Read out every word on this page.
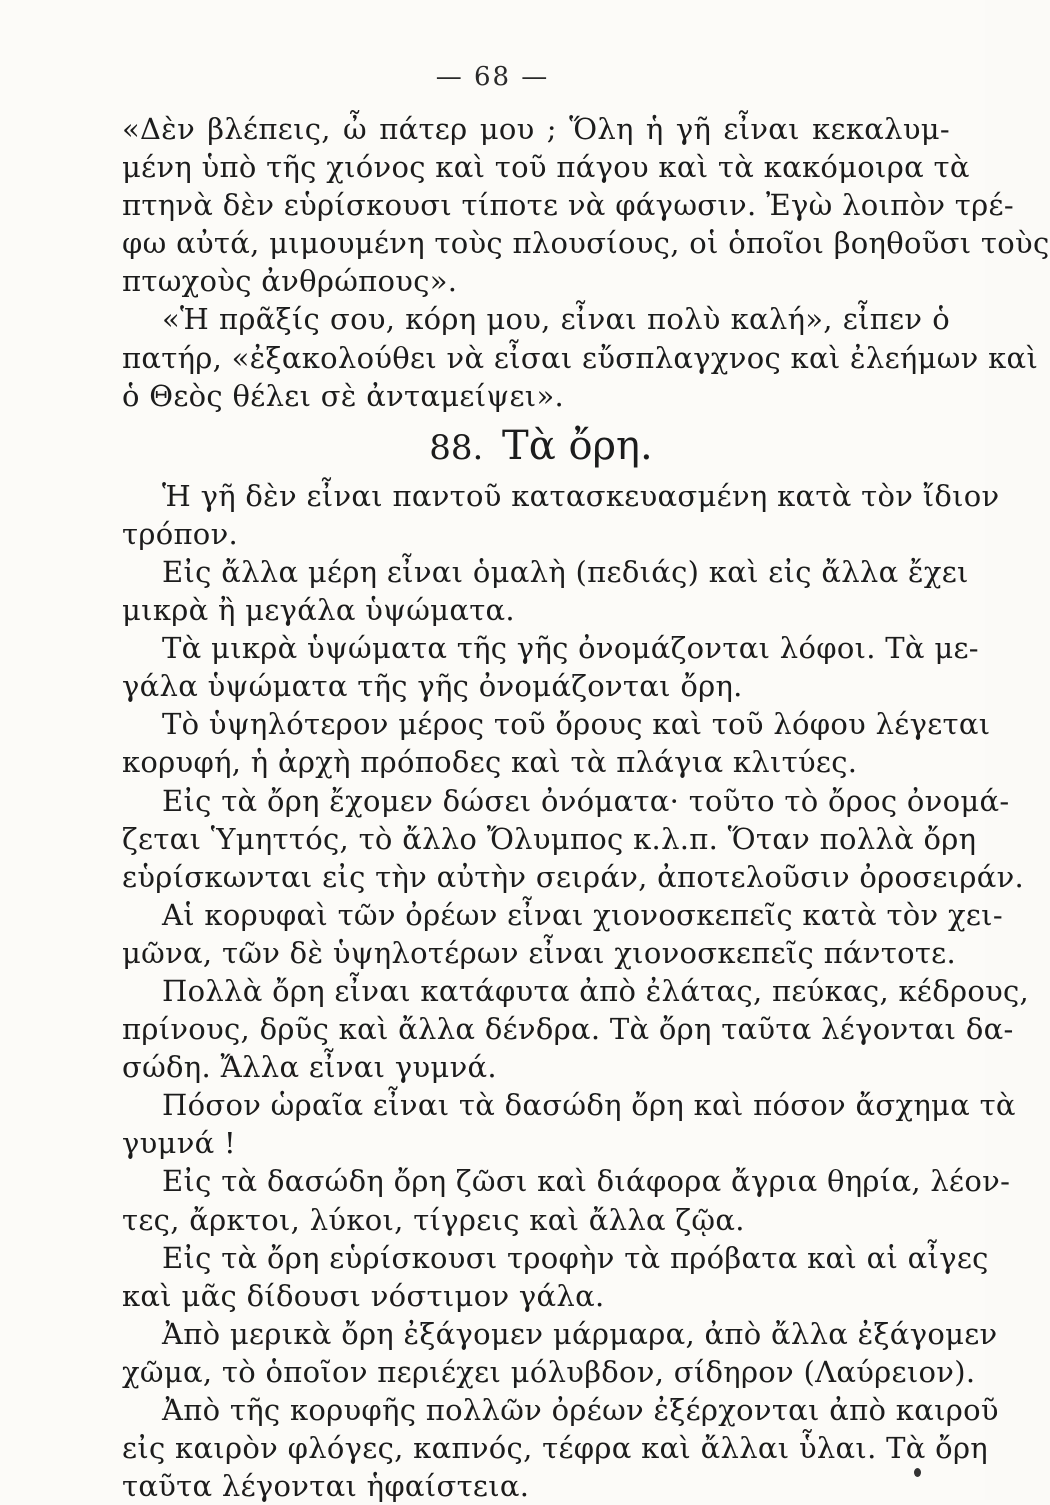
— 68 —
«Δὲν βλέπεις, ὦ πάτερ μου ; Ὅλη ἡ γῆ εἶναι κεκαλυμ-
μένη ὑπὸ τῆς χιόνος καὶ τοῦ πάγου καὶ τὰ κακόμοιρα τὰ
πτηνὰ δὲν εὑρίσκουσι τίποτε νὰ φάγωσιν. Ἐγὼ λοιπὸν τρέ-
φω αὐτά, μιμουμένη τοὺς πλουσίους, οἱ ὁποῖοι βοηθοῦσι τοὺς
πτωχοὺς ἀνθρώπους».
«Ἡ πρᾶξίς σου, κόρη μου, εἶναι πολὺ καλή», εἶπεν ὁ
πατήρ, «ἐξακολούθει νὰ εἶσαι εὔσπλαγχνος καὶ ἐλεήμων καὶ
ὁ Θεὸς θέλει σὲ ἀνταμείψει».
88. Τὰ ὄρη.
Ἡ γῆ δὲν εἶναι παντοῦ κατασκευασμένη κατὰ τὸν ἴδιον
τρόπον.
Εἰς ἄλλα μέρη εἶναι ὁμαλὴ (πεδιάς) καὶ εἰς ἄλλα ἔχει
μικρὰ ἢ μεγάλα ὑψώματα.
Τὰ μικρὰ ὑψώματα τῆς γῆς ὀνομάζονται λόφοι. Τὰ με-
γάλα ὑψώματα τῆς γῆς ὀνομάζονται ὄρη.
Τὸ ὑψηλότερον μέρος τοῦ ὄρους καὶ τοῦ λόφου λέγεται
κορυφή, ἡ ἀρχὴ πρόποδες καὶ τὰ πλάγια κλιτύες.
Εἰς τὰ ὄρη ἔχομεν δώσει ὀνόματα· τοῦτο τὸ ὄρος ὀνομά-
ζεται Ὑμηττός, τὸ ἄλλο Ὄλυμπος κ.λ.π. Ὅταν πολλὰ ὄρη
εὑρίσκωνται εἰς τὴν αὐτὴν σειράν, ἀποτελοῦσιν ὀροσειράν.
Αἱ κορυφαὶ τῶν ὀρέων εἶναι χιονοσκεπεῖς κατὰ τὸν χει-
μῶνα, τῶν δὲ ὑψηλοτέρων εἶναι χιονοσκεπεῖς πάντοτε.
Πολλὰ ὄρη εἶναι κατάφυτα ἀπὸ ἐλάτας, πεύκας, κέδρους,
πρίνους, δρῦς καὶ ἄλλα δένδρα. Τὰ ὄρη ταῦτα λέγονται δα-
σώδη. Ἄλλα εἶναι γυμνά.
Πόσον ὡραῖα εἶναι τὰ δασώδη ὄρη καὶ πόσον ἄσχημα τὰ
γυμνά !
Εἰς τὰ δασώδη ὄρη ζῶσι καὶ διάφορα ἄγρια θηρία, λέον-
τες, ἄρκτοι, λύκοι, τίγρεις καὶ ἄλλα ζῷα.
Εἰς τὰ ὄρη εὑρίσκουσι τροφὴν τὰ πρόβατα καὶ αἱ αἶγες
καὶ μᾶς δίδουσι νόστιμον γάλα.
Ἀπὸ μερικὰ ὄρη ἐξάγομεν μάρμαρα, ἀπὸ ἄλλα ἐξάγομεν
χῶμα, τὸ ὁποῖον περιέχει μόλυβδον, σίδηρον (Λαύρειον).
Ἀπὸ τῆς κορυφῆς πολλῶν ὀρέων ἐξέρχονται ἀπὸ καιροῦ
εἰς καιρὸν φλόγες, καπνός, τέφρα καὶ ἄλλαι ὗλαι. Τὰ ὄρη
ταῦτα λέγονται ἡφαίστεια.
